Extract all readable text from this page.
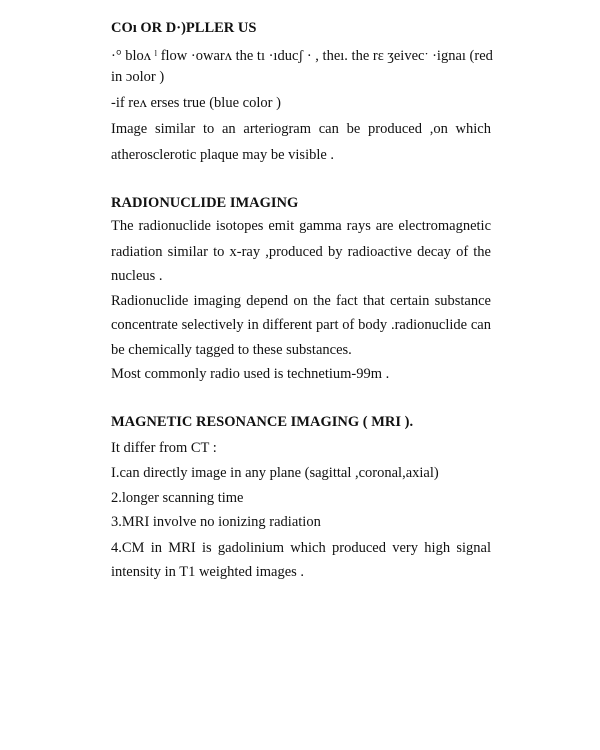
COı OR D·)PLLER US
·° bloʌ ˡ flow ·owarʌ the tı ·ıducʃ · , theı. the rɛ ʒeivecˑ ·ignaı (red
in ɔolor )
-if reʌ erses true (blue color )
Image similar to an arteriogram can be produced ,on which
atherosclerotic plaque may be visible .
RADIONUCLIDE IMAGING
The radionuclide isotopes emit gamma rays are electromagnetic
radiation similar to x-ray ,produced by radioactive decay of the
nucleus .
Radionuclide imaging depend on the fact that certain substance
concentrate selectively in different part of body .radionuclide can
be chemically tagged to these substances.
Most commonly radio used is technetium-99m .
MAGNETIC RESONANCE IMAGING ( MRI ).
It differ from CT :
I.can directly image in any plane (sagittal ,coronal,axial)
2.longer scanning time
3.MRI involve no ionizing radiation
4.CM in MRI is gadolinium which produced very high signal
intensity in T1 weighted images .
